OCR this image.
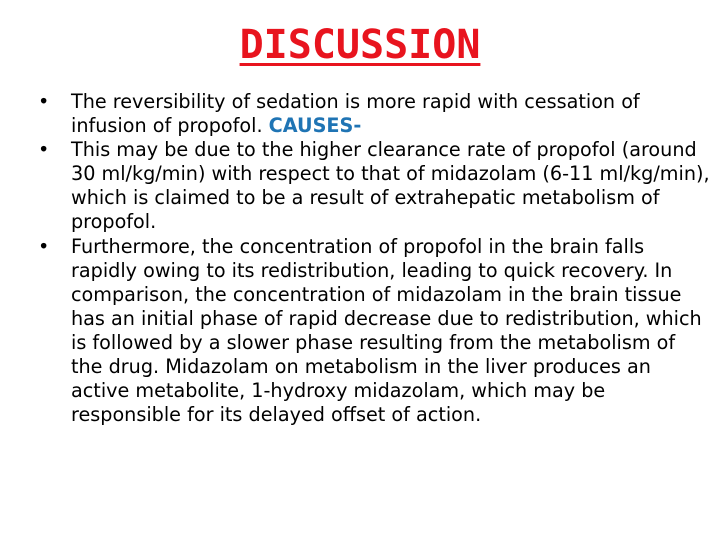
DISCUSSION
• The reversibility of sedation is more rapid with cessation of infusion of propofol. CAUSES-
• This may be due to the higher clearance rate of propofol (around 30 ml/kg/min) with respect to that of midazolam (6-11 ml/kg/min), which is claimed to be a result of extrahepatic metabolism of propofol.
• Furthermore, the concentration of propofol in the brain falls rapidly owing to its redistribution, leading to quick recovery. In comparison, the concentration of midazolam in the brain tissue has an initial phase of rapid decrease due to redistribution, which is followed by a slower phase resulting from the metabolism of the drug. Midazolam on metabolism in the liver produces an active metabolite, 1-hydroxy midazolam, which may be responsible for its delayed offset of action.
